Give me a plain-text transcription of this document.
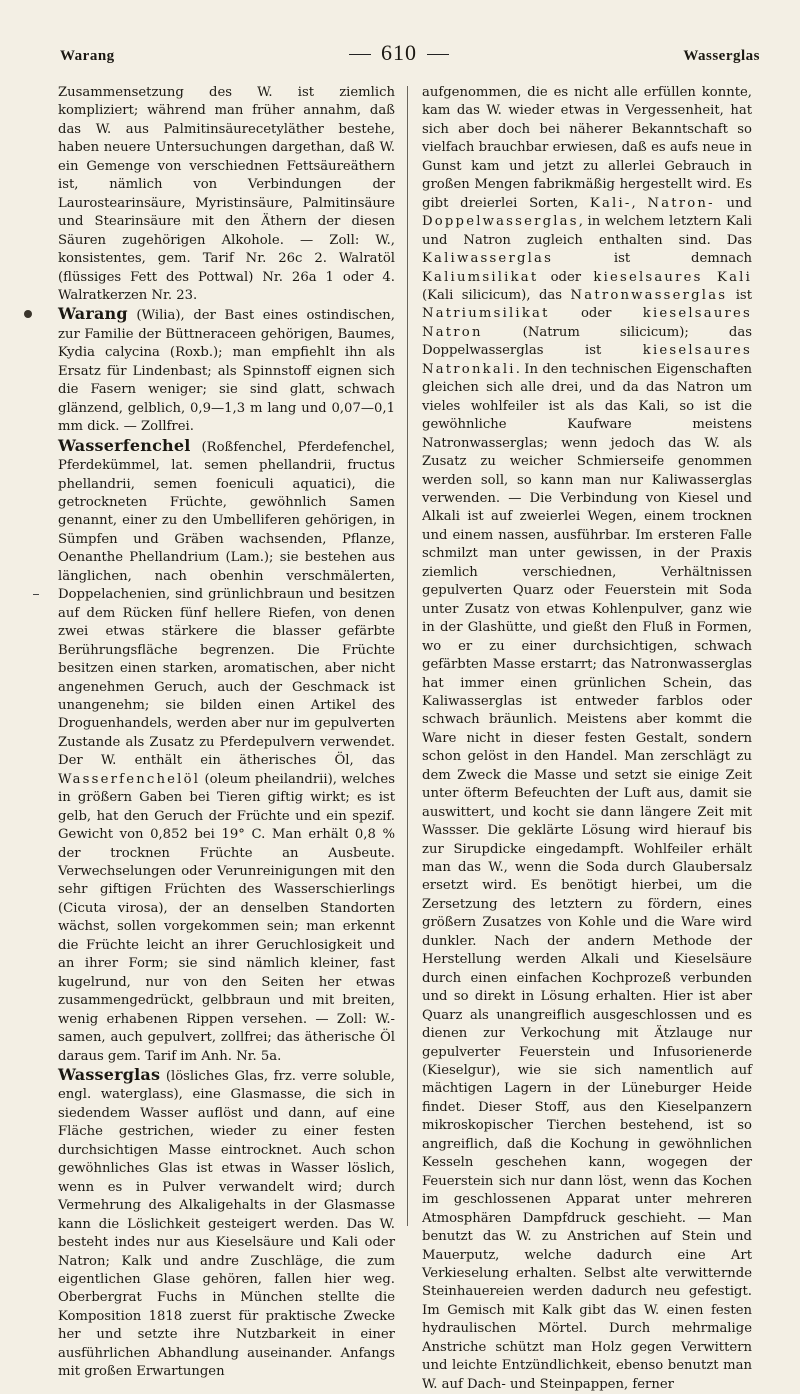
Warang	610	Wasserglas

Zusammensetzung des W. ist ziemlich kompliziert; während man früher annahm, daß das W. aus Palmitinsäurecetyläther bestehe, haben neuere Untersuchungen dargethan, daß W. ein Gemenge von verschiednen Fettsäureäthern ist, nämlich von Verbindungen der Laurostearinsäure, Myristinsäure, Palmitinsäure und Stearinsäure mit den Äthern der diesen Säuren zugehörigen Alkohole. — Zoll: W., konsistentes, gem. Tarif Nr. 26c 2. Walratöl (flüssiges Fett des Pottwal) Nr. 26a 1 oder 4. Walratkerzen Nr. 23.

Warang (Wilia), der Bast eines ostindischen, zur Familie der Büttneraceen gehörigen, Baumes, Kydia calycina (Roxb.); man empfiehlt ihn als Ersatz für Lindenbast; als Spinnstoff eignen sich die Fasern weniger; sie sind glatt, schwach glänzend, gelblich, 0,9—1,3 m lang und 0,07—0,1 mm dick. — Zollfrei.

Wasserfenchel (Roßfenchel, Pferdefenchel, Pferdekümmel, lat. semen phellandrii, fructus phellandrii, semen foeniculi aquatici), die getrockneten Früchte, gewöhnlich Samen genannt, einer zu den Umbelliferen gehörigen, in Sümpfen und Gräben wachsenden, Pflanze, Oenanthe Phellandrium (Lam.); sie bestehen aus länglichen, nach obenhin verschmälerten, Doppelachenien, sind grünlichbraun und besitzen auf dem Rücken fünf hellere Riefen, von denen zwei etwas stärkere die blasser gefärbte Berührungsfläche begrenzen. Die Früchte besitzen einen starken, aromatischen, aber nicht angenehmen Geruch, auch der Geschmack ist unangenehm; sie bilden einen Artikel des Droguenhandels, werden aber nur im gepulverten Zustande als Zusatz zu Pferdepulvern verwendet. Der W. enthält ein ätherisches Öl, das Wasserfenchelöl (oleum pheilandrii), welches in größern Gaben bei Tieren giftig wirkt; es ist gelb, hat den Geruch der Früchte und ein spezif. Gewicht von 0,852 bei 19° C. Man erhält 0,8 % der trocknen Früchte an Ausbeute. Verwechselungen oder Verunreinigungen mit den sehr giftigen Früchten des Wasserschierlings (Cicuta virosa), der an denselben Standorten wächst, sollen vorgekommen sein; man erkennt die Früchte leicht an ihrer Geruchlosigkeit und an ihrer Form; sie sind nämlich kleiner, fast kugelrund, nur von den Seiten her etwas zusammengedrückt, gelbbraun und mit breiten, wenig erhabenen Rippen versehen. — Zoll: W.-samen, auch gepulvert, zollfrei; das ätherische Öl daraus gem. Tarif im Anh. Nr. 5a.

Wasserglas (lösliches Glas, frz. verre soluble, engl. waterglass), eine Glasmasse, die sich in siedendem Wasser auflöst und dann, auf eine Fläche gestrichen, wieder zu einer festen durchsichtigen Masse eintrocknet. Auch schon gewöhnliches Glas ist etwas in Wasser löslich, wenn es in Pulver verwandelt wird; durch Vermehrung des Alkaligehalts in der Glasmasse kann die Löslichkeit gesteigert werden. Das W. besteht indes nur aus Kieselsäure und Kali oder Natron; Kalk und andre Zuschläge, die zum eigentlichen Glase gehören, fallen hier weg. Oberbergrat Fuchs in München stellte die Komposition 1818 zuerst für praktische Zwecke her und setzte ihre Nutzbarkeit in einer ausführlichen Abhandlung auseinander. Anfangs mit großen Erwartungen

aufgenommen, die es nicht alle erfüllen konnte, kam das W. wieder etwas in Vergessenheit, hat sich aber doch bei näherer Bekanntschaft so vielfach brauchbar erwiesen, daß es aufs neue in Gunst kam und jetzt zu allerlei Gebrauch in großen Mengen fabrikmäßig hergestellt wird. Es gibt dreierlei Sorten, Kali-, Natron- und Doppelwasserglas, in welchem letztern Kali und Natron zugleich enthalten sind. Das Kaliwasserglas ist demnach Kaliumsilikat oder kieselsaures Kali (Kali silicicum), das Natronwasserglas ist Natriumsilikat oder kieselsaures Natron (Natrum silicicum); das Doppelwasserglas ist kieselsaures Natronkali. In den technischen Eigenschaften gleichen sich alle drei, und da das Natron um vieles wohlfeiler ist als das Kali, so ist die gewöhnliche Kaufware meistens Natronwasserglas; wenn jedoch das W. als Zusatz zu weicher Schmierseife genommen werden soll, so kann man nur Kaliwasserglas verwenden. — Die Verbindung von Kiesel und Alkali ist auf zweierlei Wegen, einem trocknen und einem nassen, ausführbar. Im ersteren Falle schmilzt man unter gewissen, in der Praxis ziemlich verschiednen, Verhältnissen gepulverten Quarz oder Feuerstein mit Soda unter Zusatz von etwas Kohlenpulver, ganz wie in der Glashütte, und gießt den Fluß in Formen, wo er zu einer durchsichtigen, schwach gefärbten Masse erstarrt; das Natronwasserglas hat immer einen grünlichen Schein, das Kaliwasserglas ist entweder farblos oder schwach bräunlich. Meistens aber kommt die Ware nicht in dieser festen Gestalt, sondern schon gelöst in den Handel. Man zerschlägt zu dem Zweck die Masse und setzt sie einige Zeit unter öfterm Befeuchten der Luft aus, damit sie auswittert, und kocht sie dann längere Zeit mit Wassser. Die geklärte Lösung wird hierauf bis zur Sirupdicke eingedampft. Wohlfeiler erhält man das W., wenn die Soda durch Glaubersalz ersetzt wird. Es benötigt hierbei, um die Zersetzung des letztern zu fördern, eines größern Zusatzes von Kohle und die Ware wird dunkler. Nach der andern Methode der Herstellung werden Alkali und Kieselsäure durch einen einfachen Kochprozeß verbunden und so direkt in Lösung erhalten. Hier ist aber Quarz als unangreiflich ausgeschlossen und es dienen zur Verkochung mit Ätzlauge nur gepulverter Feuerstein und Infusorienerde (Kieselgur), wie sie sich namentlich auf mächtigen Lagern in der Lüneburger Heide findet. Dieser Stoff, aus den Kieselpanzern mikroskopischer Tierchen bestehend, ist so angreiflich, daß die Kochung in gewöhnlichen Kesseln geschehen kann, wogegen der Feuerstein sich nur dann löst, wenn das Kochen im geschlossenen Apparat unter mehreren Atmosphären Dampfdruck geschieht. — Man benutzt das W. zu Anstrichen auf Stein und Mauerputz, welche dadurch eine Art Verkieselung erhalten. Selbst alte verwitternde Steinhauereien werden dadurch neu gefestigt. Im Gemisch mit Kalk gibt das W. einen festen hydraulischen Mörtel. Durch mehrmalige Anstriche schützt man Holz gegen Verwittern und leichte Entzündlichkeit, ebenso benutzt man W. auf Dach- und Steinpappen, ferner
